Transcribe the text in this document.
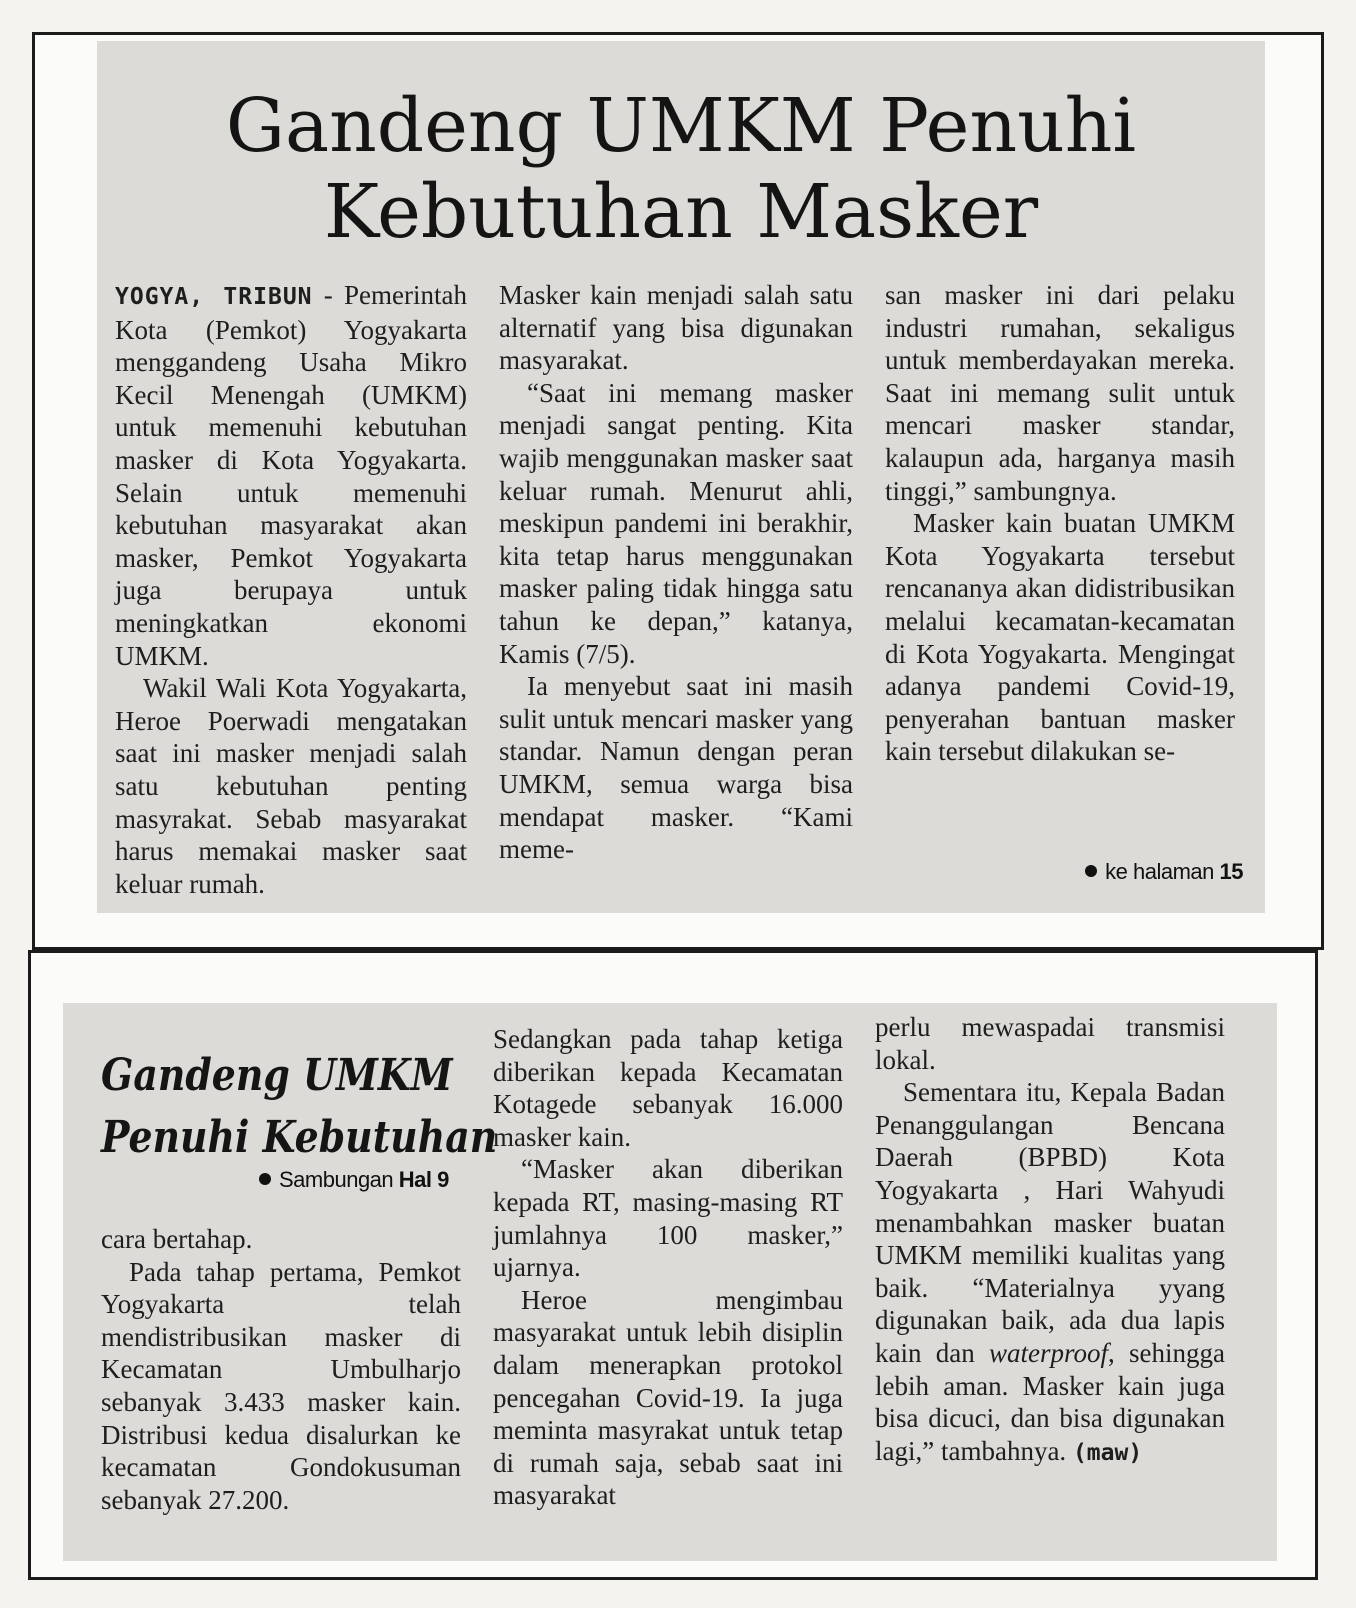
Gandeng UMKM Penuhi
Kebutuhan Masker

YOGYA, TRIBUN - Pemerintah Kota (Pemkot) Yogyakarta menggandeng Usaha Mikro Kecil Menengah (UMKM) untuk memenuhi kebutuhan masker di Kota Yogyakarta. Selain untuk memenuhi kebutuhan masyarakat akan masker, Pemkot Yogyakarta juga berupaya untuk meningkatkan ekonomi UMKM.

Wakil Wali Kota Yogyakarta, Heroe Poerwadi mengatakan saat ini masker menjadi salah satu kebutuhan penting masyrakat. Sebab masyarakat harus memakai masker saat keluar rumah.

Masker kain menjadi salah satu alternatif yang bisa digunakan masyarakat.

“Saat ini memang masker menjadi sangat penting. Kita wajib menggunakan masker saat keluar rumah. Menurut ahli, meskipun pandemi ini berakhir, kita tetap harus menggunakan masker paling tidak hingga satu tahun ke depan,” katanya, Kamis (7/5).

Ia menyebut saat ini masih sulit untuk mencari masker yang standar. Namun dengan peran UMKM, semua warga bisa mendapat masker. “Kami meme-

san masker ini dari pelaku industri rumahan, sekaligus untuk memberdayakan mereka. Saat ini memang sulit untuk mencari masker standar, kalaupun ada, harganya masih tinggi,” sambungnya.

Masker kain buatan UMKM Kota Yogyakarta tersebut rencananya akan didistribusikan melalui kecamatan-kecamatan di Kota Yogyakarta. Mengingat adanya pandemi Covid-19, penyerahan bantuan masker kain tersebut dilakukan se-

ke halaman 15
Gandeng UMKM
Penuhi Kebutuhan
Sambungan Hal 9

cara bertahap.

Pada tahap pertama, Pemkot Yogyakarta telah mendistribusikan masker di Kecamatan Umbulharjo sebanyak 3.433 masker kain. Distribusi kedua disalurkan ke kecamatan Gondokusuman sebanyak 27.200.

Sedangkan pada tahap ketiga diberikan kepada Kecamatan Kotagede sebanyak 16.000 masker kain.

“Masker akan diberikan kepada RT, masing-masing RT jumlahnya 100 masker,” ujarnya.

Heroe mengimbau masyarakat untuk lebih disiplin dalam menerapkan protokol pencegahan Covid-19. Ia juga meminta masyrakat untuk tetap di rumah saja, sebab saat ini masyarakat

perlu mewaspadai transmisi lokal.

Sementara itu, Kepala Badan Penanggulangan Bencana Daerah (BPBD) Kota Yogyakarta , Hari Wahyudi menambahkan masker buatan UMKM memiliki kualitas yang baik. “Materialnya yyang digunakan baik, ada dua lapis kain dan waterproof, sehingga lebih aman. Masker kain juga bisa dicuci, dan bisa digunakan lagi,” tambahnya. (maw)
